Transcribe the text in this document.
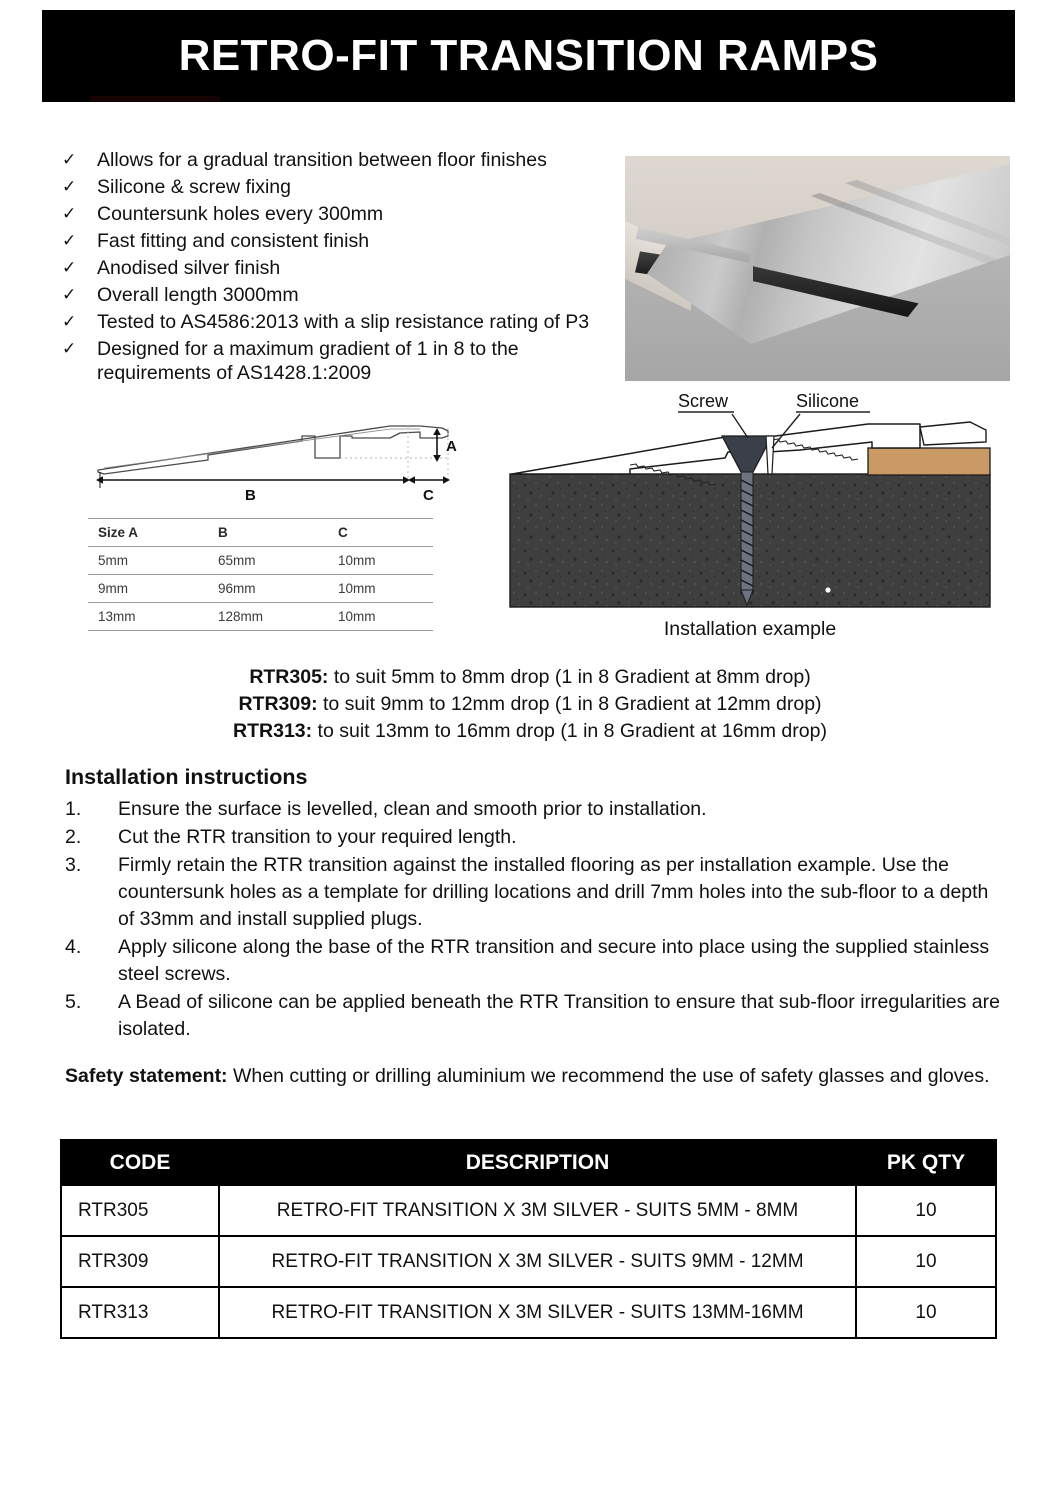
RETRO-FIT TRANSITION RAMPS
✓	Allows for a gradual transition between floor finishes
✓	Silicone & screw fixing
✓	Countersunk holes every 300mm
✓	Fast fitting and consistent finish
✓	Anodised silver finish
✓	Overall length 3000mm
✓	Tested to AS4586:2013 with a slip resistance rating of P3
✓	Designed for a maximum gradient of 1 in 8 to the requirements of AS1428.1:2009
A
B	C
Size A	B	C
5mm	65mm	10mm
9mm	96mm	10mm
13mm	128mm	10mm
Screw	Silicone
Installation example
RTR305: to suit 5mm to 8mm drop (1 in 8 Gradient at 8mm drop)
RTR309: to suit 9mm to 12mm drop (1 in 8 Gradient at 12mm drop)
RTR313: to suit 13mm to 16mm drop (1 in 8 Gradient at 16mm drop)
Installation instructions
1.	Ensure the surface is levelled, clean and smooth prior to installation.
2.	Cut the RTR transition to your required length.
3.	Firmly retain the RTR transition against the installed flooring as per installation example. Use the countersunk holes as a template for drilling locations and drill 7mm holes into the sub-floor to a depth of 33mm and install supplied plugs.
4.	Apply silicone along the base of the RTR transition and secure into place using the supplied stainless steel screws.
5.	A Bead of silicone can be applied beneath the RTR Transition to ensure that sub-floor irregularities are isolated.
Safety statement: When cutting or drilling aluminium we recommend the use of safety glasses and gloves.
CODE	DESCRIPTION	PK QTY
RTR305	RETRO-FIT TRANSITION X 3M SILVER - SUITS 5MM - 8MM	10
RTR309	RETRO-FIT TRANSITION X 3M SILVER - SUITS 9MM - 12MM	10
RTR313	RETRO-FIT TRANSITION X 3M SILVER - SUITS 13MM-16MM	10
